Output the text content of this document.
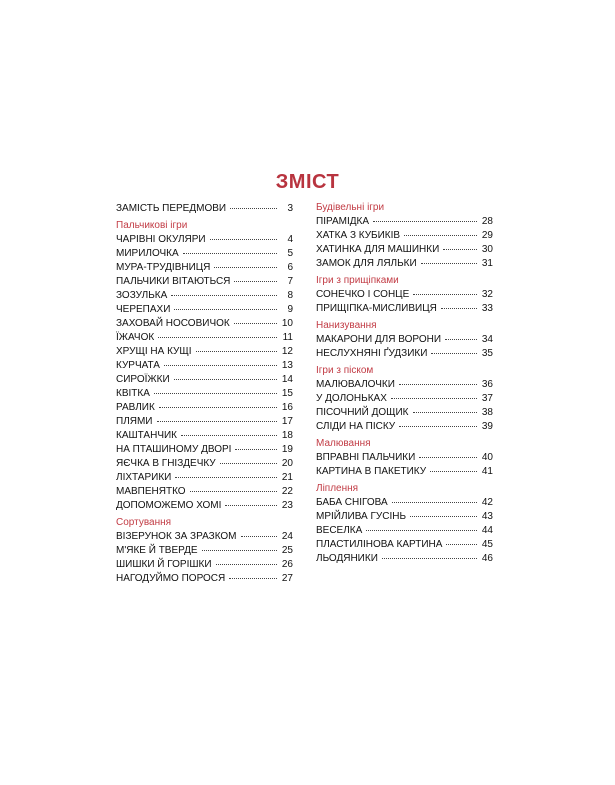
ЗМІСТ
ЗАМІСТЬ ПЕРЕДМОВИ	3
Пальчикові ігри
ЧАРІВНІ ОКУЛЯРИ	4
МИРИЛОЧКА	5
МУРА-ТРУДІВНИЦЯ	6
ПАЛЬЧИКИ ВІТАЮТЬСЯ	7
ЗОЗУЛЬКА	8
ЧЕРЕПАХИ	9
ЗАХОВАЙ НОСОВИЧОК	10
ЇЖАЧОК	11
ХРУЩІ НА КУЩІ	12
КУРЧАТА	13
СИРОЇЖКИ	14
КВІТКА	15
РАВЛИК	16
ПЛЯМИ	17
КАШТАНЧИК	18
НА ПТАШИНОМУ ДВОРІ	19
ЯЄЧКА В ГНІЗДЕЧКУ	20
ЛІХТАРИКИ	21
МАВПЕНЯТКО	22
ДОПОМОЖЕМО ХОМІ	23
Сортування
ВІЗЕРУНОК ЗА ЗРАЗКОМ	24
М'ЯКЕ Й ТВЕРДЕ	25
ШИШКИ Й ГОРІШКИ	26
НАГОДУЙМО ПОРОСЯ	27
Будівельні ігри
ПІРАМІДКА	28
ХАТКА З КУБИКІВ	29
ХАТИНКА ДЛЯ МАШИНКИ	30
ЗАМОК ДЛЯ ЛЯЛЬКИ	31
Ігри з прищіпками
СОНЕЧКО І СОНЦЕ	32
ПРИЩІПКА-МИСЛИВИЦЯ	33
Нанизування
МАКАРОНИ ДЛЯ ВОРОНИ	34
НЕСЛУХНЯНІ ҐУДЗИКИ	35
Ігри з піском
МАЛЮВАЛОЧКИ	36
У ДОЛОНЬКАХ	37
ПІСОЧНИЙ ДОЩИК	38
СЛІДИ НА ПІСКУ	39
Малювання
ВПРАВНІ ПАЛЬЧИКИ	40
КАРТИНА В ПАКЕТИКУ	41
Ліплення
БАБА СНІГОВА	42
МРІЙЛИВА ГУСІНЬ	43
ВЕСЕЛКА	44
ПЛАСТИЛІНОВА КАРТИНА	45
ЛЬОДЯНИКИ	46
